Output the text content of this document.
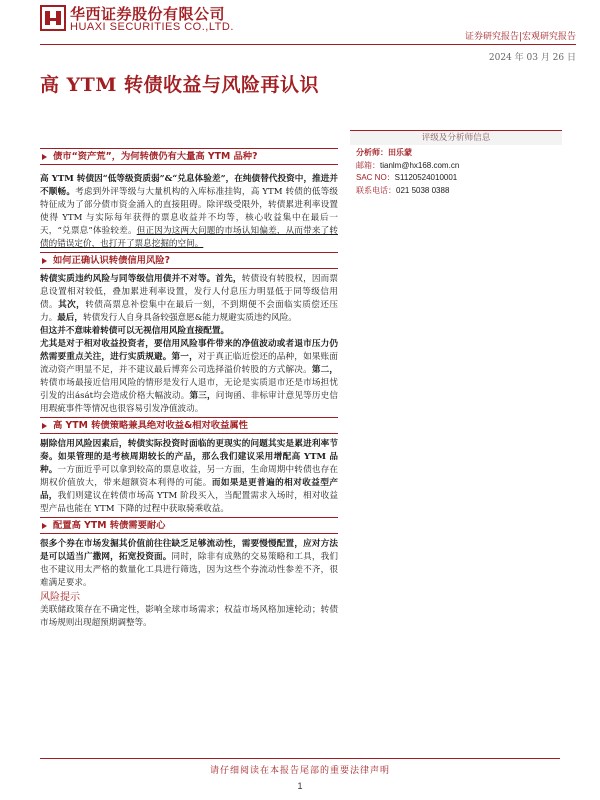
华西证券股份有限公司
HUAXI SECURITIES CO.,LTD.
证券研究报告|宏观研究报告
2024 年 03 月 26 日
高 YTM 转债收益与风险再认识
评级及分析师信息
分析师：田乐蒙
邮箱：tianlm@hx168.com.cn
SAC NO：S1120524010001
联系电话：021 5038 0388
债市“资产荒”，为何转债仍有大量高 YTM 品种?

高 YTM 转债因“低等级资质弱”&“兑息体验差”，在纯债替代投资中，推进并不顺畅。考虑到外评等级与大量机构的入库标准挂钩，高 YTM 转债的低等级特征成为了部分债市资金涌入的直接阻碍。除评级受限外，转债累进利率设置使得 YTM 与实际每年获得的票息收益并不均等，核心收益集中在最后一天，“兑票息”体验较差。但正因为这两大问题的市场认知偏差，从而带来了转债的错误定价，也打开了票息挖掘的空间。

如何正确认识转债信用风险?

转债实质违约风险与同等级信用债并不对等。首先，转债设有转股权，因而票息设置相对较低，叠加累进利率设置，发行人付息压力明显低于同等级信用债。其次，转债高票息补偿集中在最后一刻，不到期便不会面临实质偿还压力。最后，转债发行人自身具备较强意愿&能力规避实质违约风险。

但这并不意味着转债可以无视信用风险直接配置。

尤其是对于相对收益投资者，要信用风险事件带来的净值波动或者退市压力仍然需要重点关注，进行实质规避。第一，对于真正临近偿还的品种，如果账面流动资产明显不足，并不建议最后博弈公司选择溢价转股的方式解决。第二，转债市场最接近信用风险的情形是发行人退市，无论是实质退市还是市场担忧引发的出ását均会造成价格大幅波动。第三，问询函、非标审计意见等历史信用瑕疵事件等情况也很容易引发净值波动。

高 YTM 转债策略兼具绝对收益&相对收益属性

剔除信用风险因素后，转债实际投资时面临的更现实的问题其实是累进利率节奏。如果管理的是考核周期较长的产品，那么我们建议采用增配高 YTM 品种。一方面近乎可以拿到较高的票息收益，另一方面，生命周期中转债也存在期权价值放大，带来超额资本利得的可能。而如果是更普遍的相对收益型产品，我们则建议在转债市场高 YTM 阶段买入，当配置需求入场时，相对收益型产品也能在 YTM 下降的过程中获取骑乘收益。

配置高 YTM 转债需要耐心

很多个券在市场发掘其价值前往往缺乏足够流动性，需要慢慢配置，应对方法是可以适当广撒网，拓宽投资面。同时，除非有成熟的交易策略和工具，我们也不建议用太严格的数量化工具进行筛选，因为这些个券流动性参差不齐，很难满足要求。

风险提示

美联储政策存在不确定性，影响全球市场需求；权益市场风格加速轮动；转债市场规则出现超预期调整等。

请仔细阅读在本报告尾部的重要法律声明
1
